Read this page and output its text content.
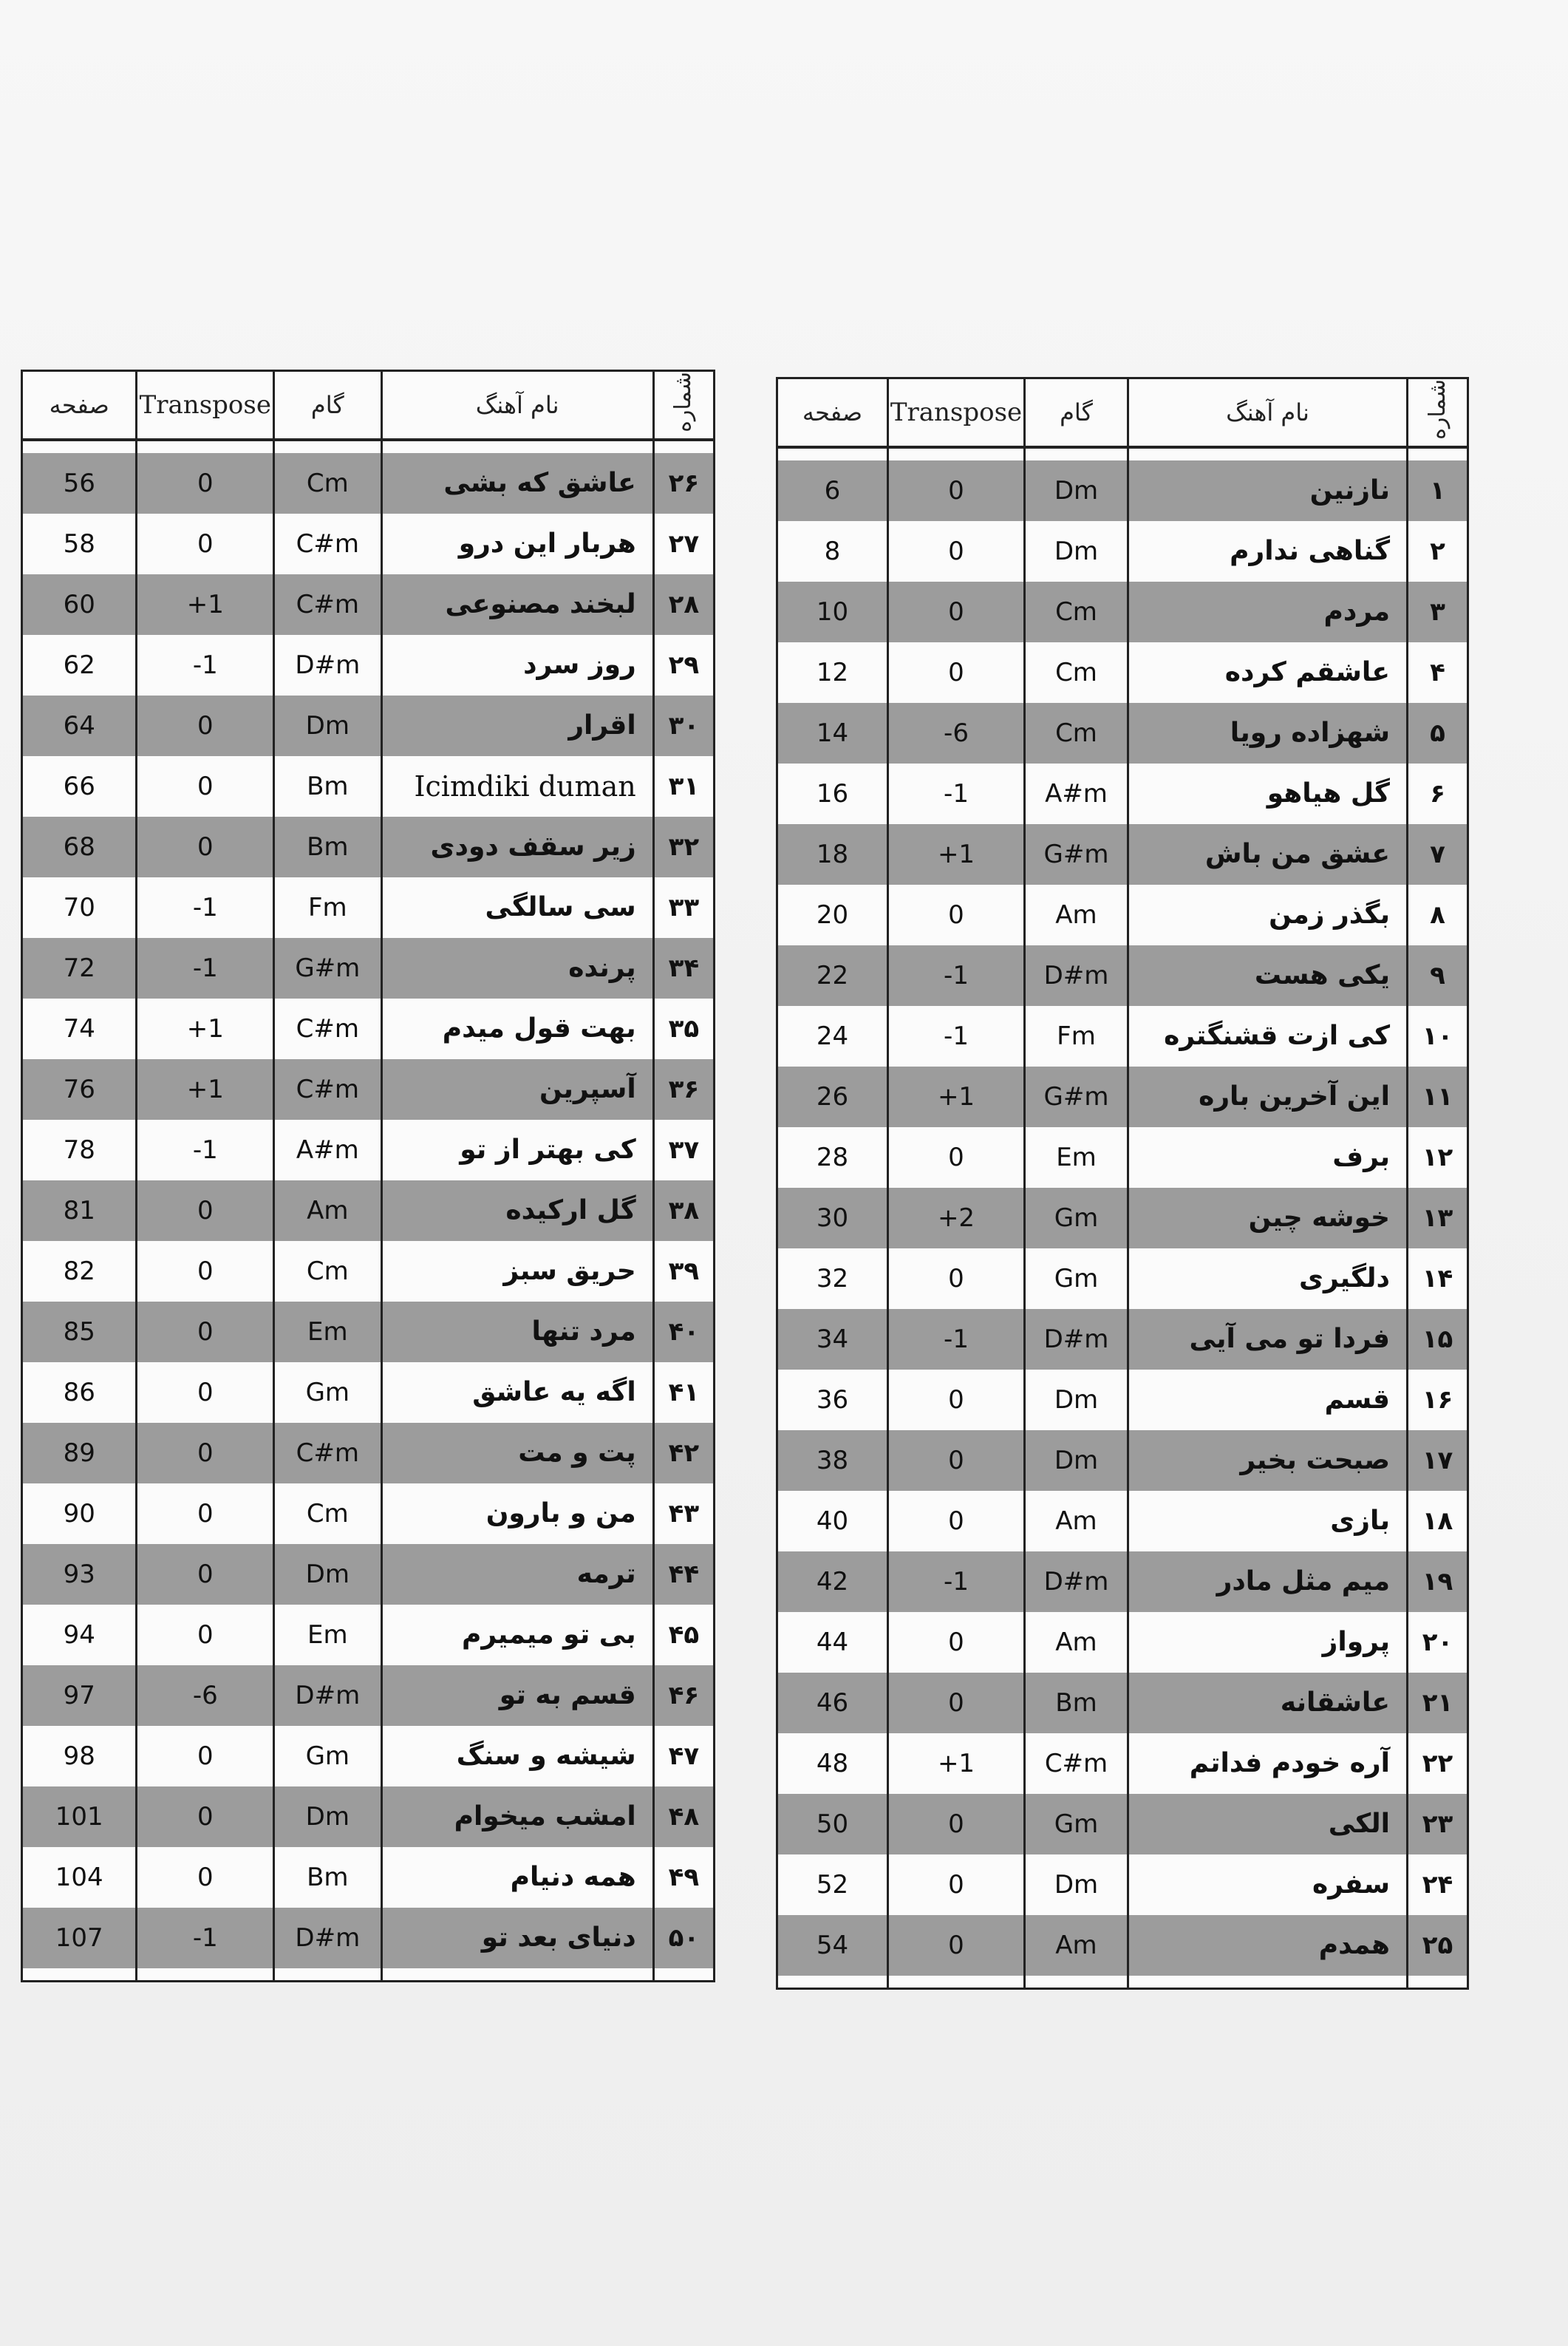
صفحه	Transpose	گام	نام آهنگ	شماره

56	0	Cm	عاشق که بشی	۲۶
58	0	C#m	هربار این درو	۲۷
60	+1	C#m	لبخند مصنوعی	۲۸
62	-1	D#m	روز سرد	۲۹
64	0	Dm	اقرار	۳۰
66	0	Bm	Icimdiki duman	۳۱
68	0	Bm	زیر سقف دودی	۳۲
70	-1	Fm	سی سالگی	۳۳
72	-1	G#m	پرنده	۳۴
74	+1	C#m	بهت قول میدم	۳۵
76	+1	C#m	آسپرین	۳۶
78	-1	A#m	کی بهتر از تو	۳۷
81	0	Am	گل ارکیده	۳۸
82	0	Cm	حریق سبز	۳۹
85	0	Em	مرد تنها	۴۰
86	0	Gm	اگه یه عاشق	۴۱
89	0	C#m	پت و مت	۴۲
90	0	Cm	من و بارون	۴۳
93	0	Dm	ترمه	۴۴
94	0	Em	بی تو میمیرم	۴۵
97	-6	D#m	قسم به تو	۴۶
98	0	Gm	شیشه و سنگ	۴۷
101	0	Dm	امشب میخوام	۴۸
104	0	Bm	همه دنیام	۴۹
107	-1	D#m	دنیای بعد تو	۵۰

صفحه	Transpose	گام	نام آهنگ	شماره

6	0	Dm	نازنین	۱
8	0	Dm	گناهی ندارم	۲
10	0	Cm	مردم	۳
12	0	Cm	عاشقم کرده	۴
14	-6	Cm	شهزاده رویا	۵
16	-1	A#m	گل هیاهو	۶
18	+1	G#m	عشق من باش	۷
20	0	Am	بگذر زمن	۸
22	-1	D#m	یکی هست	۹
24	-1	Fm	کی ازت قشنگتره	۱۰
26	+1	G#m	این آخرین باره	۱۱
28	0	Em	برف	۱۲
30	+2	Gm	خوشه چین	۱۳
32	0	Gm	دلگیری	۱۴
34	-1	D#m	فردا تو می آیی	۱۵
36	0	Dm	قسم	۱۶
38	0	Dm	صبحت بخیر	۱۷
40	0	Am	بازی	۱۸
42	-1	D#m	میم مثل مادر	۱۹
44	0	Am	پرواز	۲۰
46	0	Bm	عاشقانه	۲۱
48	+1	C#m	آره خودم فداتم	۲۲
50	0	Gm	الکی	۲۳
52	0	Dm	سفره	۲۴
54	0	Am	همدم	۲۵
